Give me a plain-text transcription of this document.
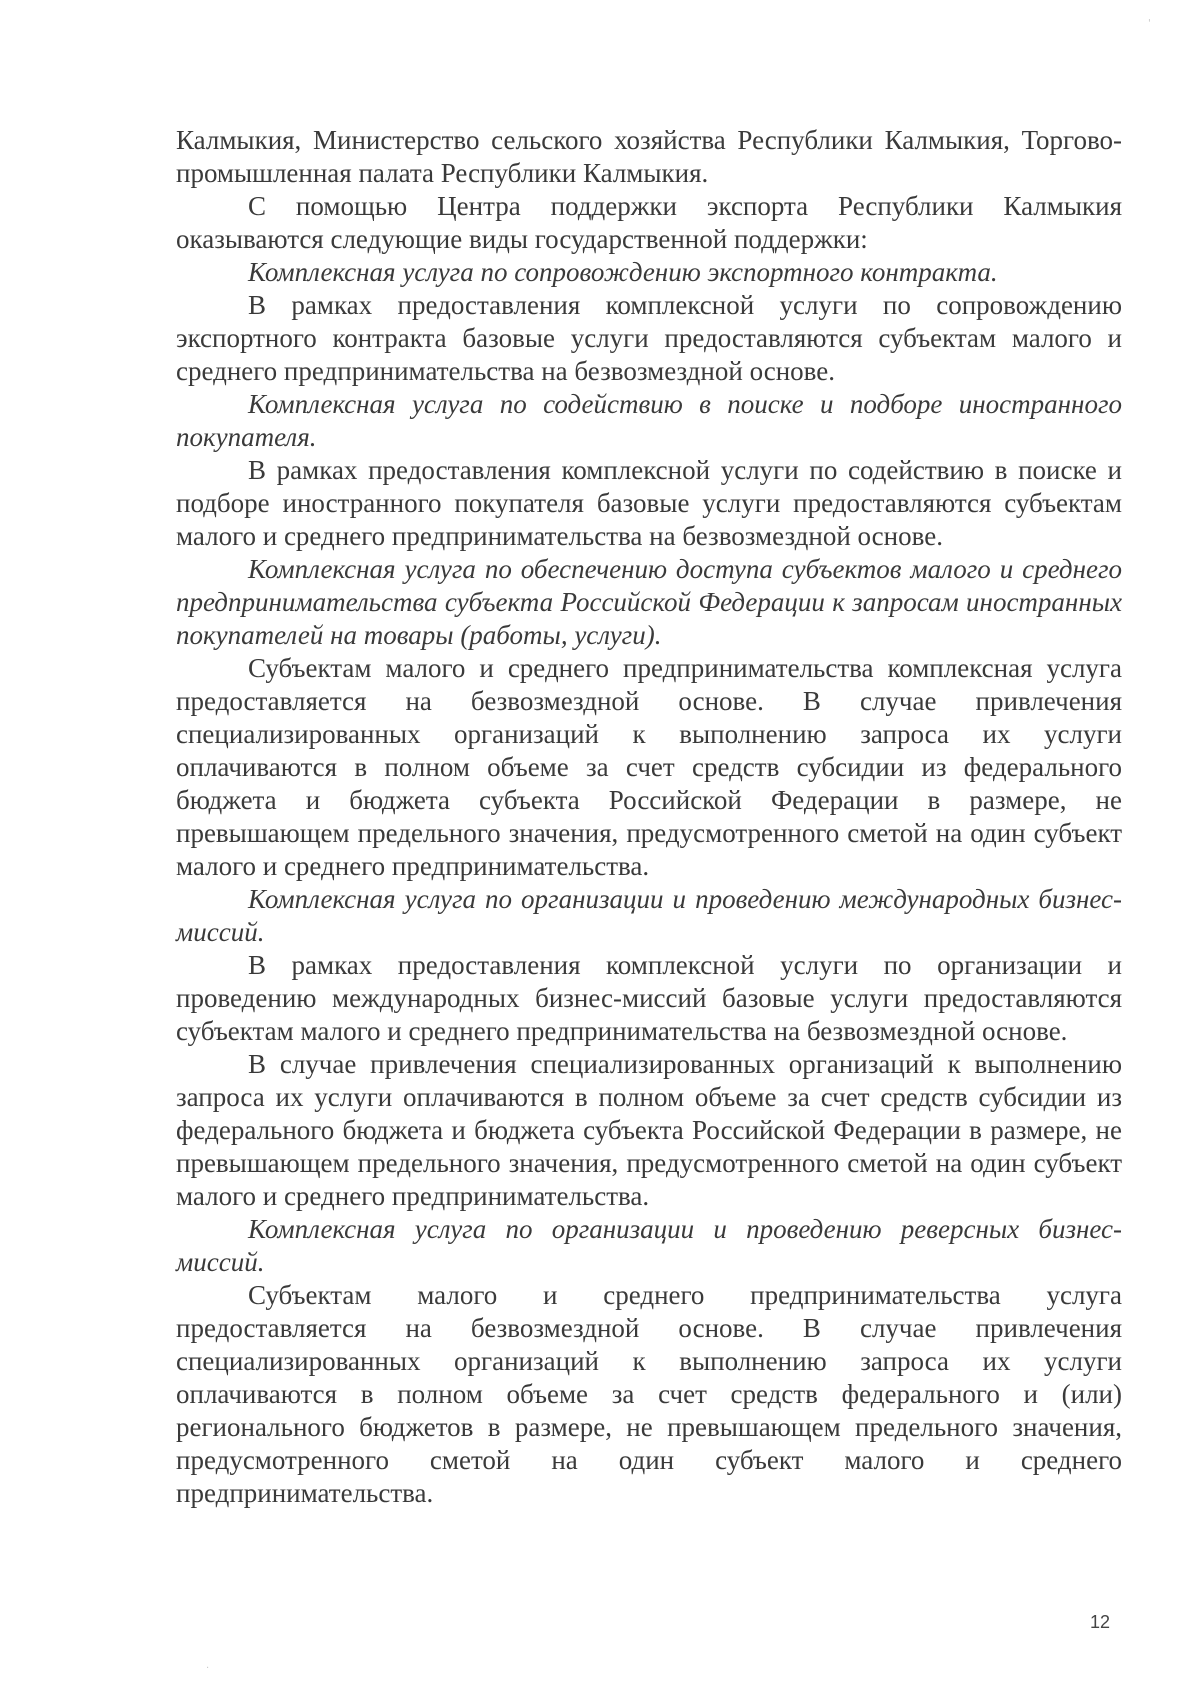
'

Калмыкия, Министерство сельского хозяйства Республики Калмыкия, Торгово-промышленная палата Республики Калмыкия.

С помощью Центра поддержки экспорта Республики Калмыкия оказываются следующие виды государственной поддержки:

Комплексная услуга по сопровождению экспортного контракта.

В рамках предоставления комплексной услуги по сопровождению экспортного контракта базовые услуги предоставляются субъектам малого и среднего предпринимательства на безвозмездной основе.

Комплексная услуга по содействию в поиске и подборе иностранного покупателя.

В рамках предоставления комплексной услуги по содействию в поиске и подборе иностранного покупателя базовые услуги предоставляются субъектам малого и среднего предпринимательства на безвозмездной основе.

Комплексная услуга по обеспечению доступа субъектов малого и среднего предпринимательства субъекта Российской Федерации к запросам иностранных покупателей на товары (работы, услуги).

Субъектам малого и среднего предпринимательства комплексная услуга предоставляется на безвозмездной основе. В случае привлечения специализированных организаций к выполнению запроса их услуги оплачиваются в полном объеме за счет средств субсидии из федерального бюджета и бюджета субъекта Российской Федерации в размере, не превышающем предельного значения, предусмотренного сметой на один субъект малого и среднего предпринимательства.

Комплексная услуга по организации и проведению международных бизнес-миссий.

В рамках предоставления комплексной услуги по организации и проведению международных бизнес-миссий базовые услуги предоставляются субъектам малого и среднего предпринимательства на безвозмездной основе.

В случае привлечения специализированных организаций к выполнению запроса их услуги оплачиваются в полном объеме за счет средств субсидии из федерального бюджета и бюджета субъекта Российской Федерации в размере, не превышающем предельного значения, предусмотренного сметой на один субъект малого и среднего предпринимательства.

Комплексная услуга по организации и проведению реверсных бизнес-миссий.

Субъектам малого и среднего предпринимательства услуга предоставляется на безвозмездной основе. В случае привлечения специализированных организаций к выполнению запроса их услуги оплачиваются в полном объеме за счет средств федерального и (или) регионального бюджетов в размере, не превышающем предельного значения, предусмотренного сметой на один субъект малого и среднего предпринимательства.

12
.
